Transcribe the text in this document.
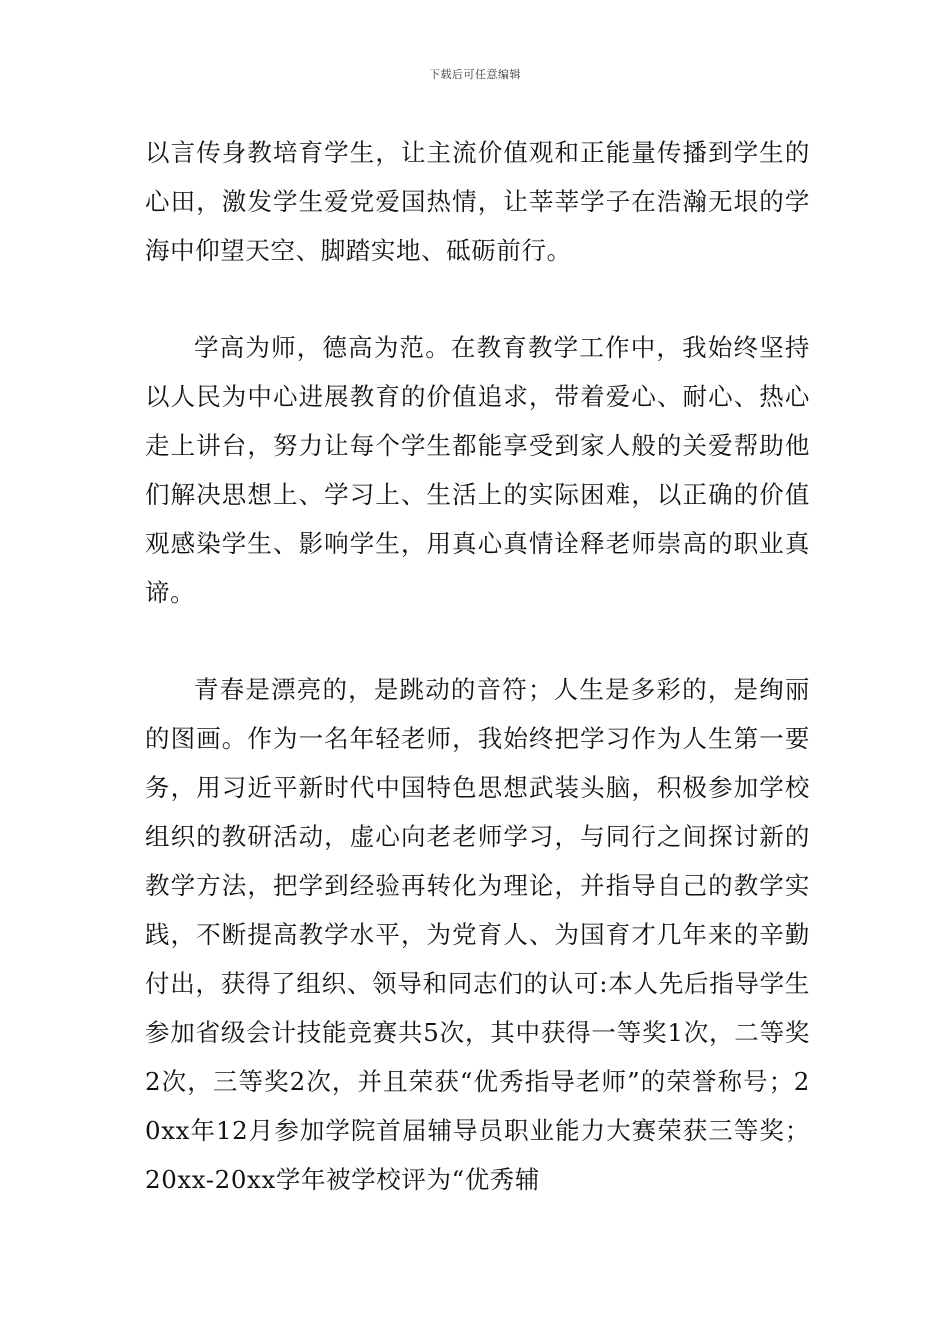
下载后可任意编辑

以言传身教培育学生，让主流价值观和正能量传播到学生的心田，激发学生爱党爱国热情，让莘莘学子在浩瀚无垠的学海中仰望天空、脚踏实地、砥砺前行。

学高为师，德高为范。在教育教学工作中，我始终坚持以人民为中心进展教育的价值追求，带着爱心、耐心、热心走上讲台，努力让每个学生都能享受到家人般的关爱帮助他们解决思想上、学习上、生活上的实际困难，以正确的价值观感染学生、影响学生，用真心真情诠释老师崇高的职业真谛。

青春是漂亮的，是跳动的音符；人生是多彩的，是绚丽的图画。作为一名年轻老师，我始终把学习作为人生第一要务，用习近平新时代中国特色思想武装头脑，积极参加学校组织的教研活动，虚心向老老师学习，与同行之间探讨新的教学方法，把学到经验再转化为理论，并指导自己的教学实践，不断提高教学水平，为党育人、为国育才几年来的辛勤付出，获得了组织、领导和同志们的认可:本人先后指导学生参加省级会计技能竞赛共5次，其中获得一等奖1次，二等奖2次，三等奖2次，并且荣获“优秀指导老师”的荣誉称号；20xx年12月参加学院首届辅导员职业能力大赛荣获三等奖；20xx-20xx学年被学校评为“优秀辅
